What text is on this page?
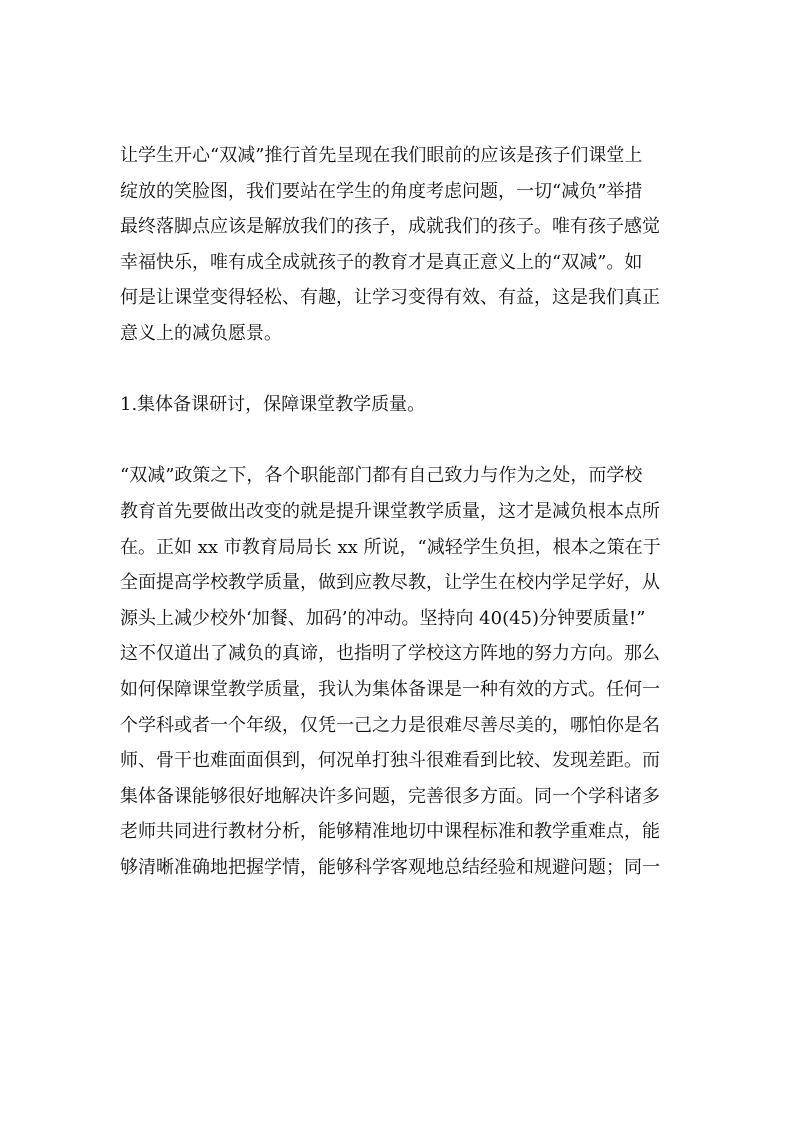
让学生开心“双减”推行首先呈现在我们眼前的应该是孩子们课堂上
绽放的笑脸图，我们要站在学生的角度考虑问题，一切“减负”举措
最终落脚点应该是解放我们的孩子，成就我们的孩子。唯有孩子感觉
幸福快乐，唯有成全成就孩子的教育才是真正意义上的“双减”。如
何是让课堂变得轻松、有趣，让学习变得有效、有益，这是我们真正
意义上的减负愿景。

1.集体备课研讨，保障课堂教学质量。

“双减”政策之下，各个职能部门都有自己致力与作为之处，而学校
教育首先要做出改变的就是提升课堂教学质量，这才是减负根本点所
在。正如 xx 市教育局局长 xx 所说，“减轻学生负担，根本之策在于
全面提高学校教学质量，做到应教尽教，让学生在校内学足学好，从
源头上减少校外‘加餐、加码’的冲动。坚持向 40(45)分钟要质量!”
这不仅道出了减负的真谛，也指明了学校这方阵地的努力方向。那么
如何保障课堂教学质量，我认为集体备课是一种有效的方式。任何一
个学科或者一个年级，仅凭一己之力是很难尽善尽美的，哪怕你是名
师、骨干也难面面俱到，何况单打独斗很难看到比较、发现差距。而
集体备课能够很好地解决许多问题，完善很多方面。同一个学科诸多
老师共同进行教材分析，能够精准地切中课程标准和教学重难点，能
够清晰准确地把握学情，能够科学客观地总结经验和规避问题；同一
